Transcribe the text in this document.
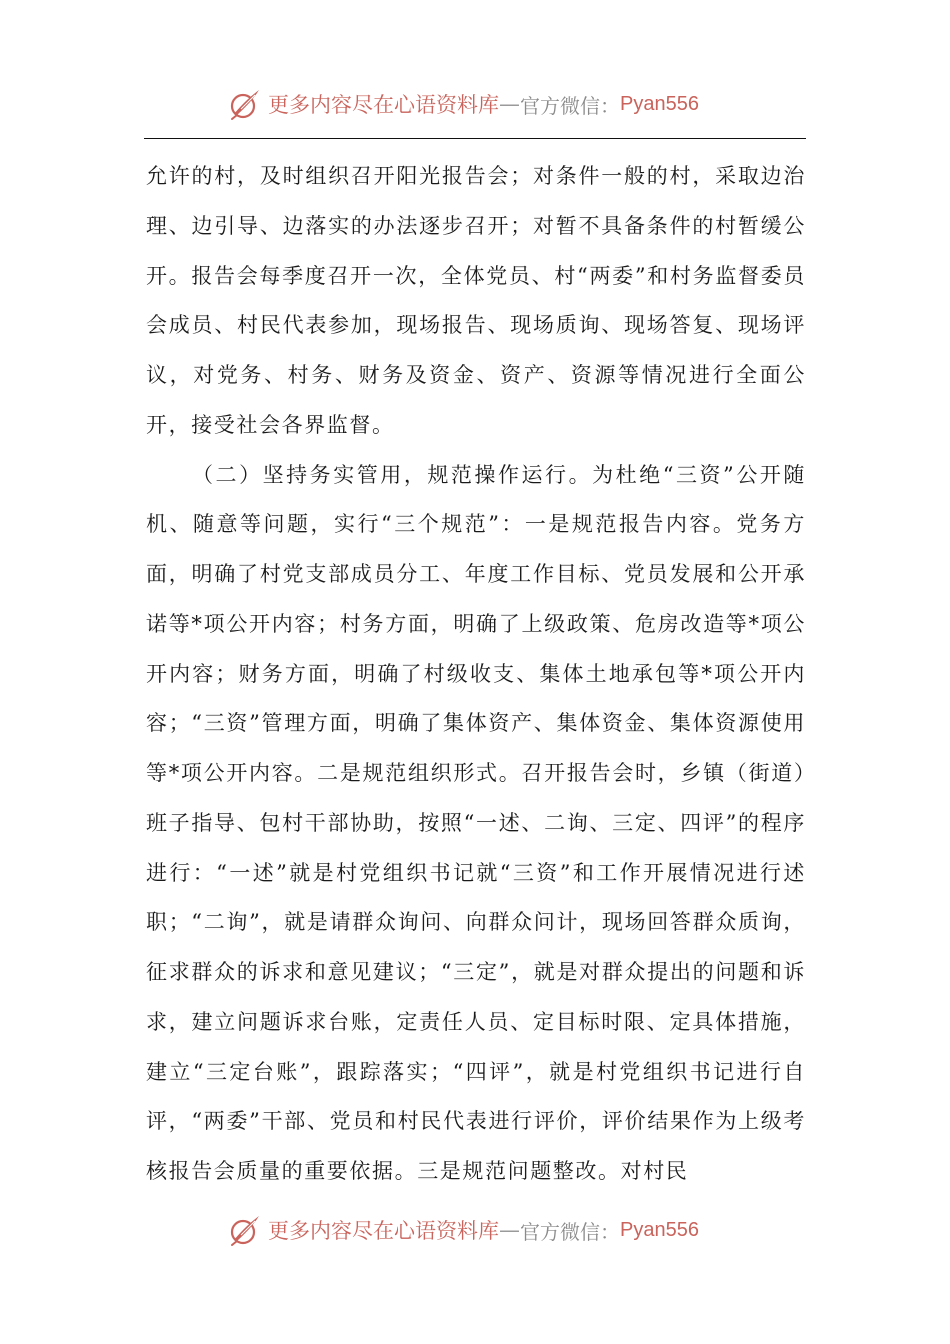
更多内容尽在心语资料库 — 官方微信： Pyan556

允许的村，及时组织召开阳光报告会；对条件一般的村，采取边治理、边引导、边落实的办法逐步召开；对暂不具备条件的村暂缓公开。报告会每季度召开一次，全体党员、村“两委”和村务监督委员会成员、村民代表参加，现场报告、现场质询、现场答复、现场评议，对党务、村务、财务及资金、资产、资源等情况进行全面公开，接受社会各界监督。

（二）坚持务实管用，规范操作运行。为杜绝“三资”公开随机、随意等问题，实行“三个规范”：一是规范报告内容。党务方面，明确了村党支部成员分工、年度工作目标、党员发展和公开承诺等*项公开内容；村务方面，明确了上级政策、危房改造等*项公开内容；财务方面，明确了村级收支、集体土地承包等*项公开内容；“三资”管理方面，明确了集体资产、集体资金、集体资源使用等*项公开内容。二是规范组织形式。召开报告会时，乡镇（街道）班子指导、包村干部协助，按照“一述、二询、三定、四评”的程序进行：“一述”就是村党组织书记就“三资”和工作开展情况进行述职；“二询”，就是请群众询问、向群众问计，现场回答群众质询，征求群众的诉求和意见建议；“三定”，就是对群众提出的问题和诉求，建立问题诉求台账，定责任人员、定目标时限、定具体措施，建立“三定台账”，跟踪落实；“四评”，就是村党组织书记进行自评，“两委”干部、党员和村民代表进行评价，评价结果作为上级考核报告会质量的重要依据。三是规范问题整改。对村民

更多内容尽在心语资料库 — 官方微信： Pyan556
